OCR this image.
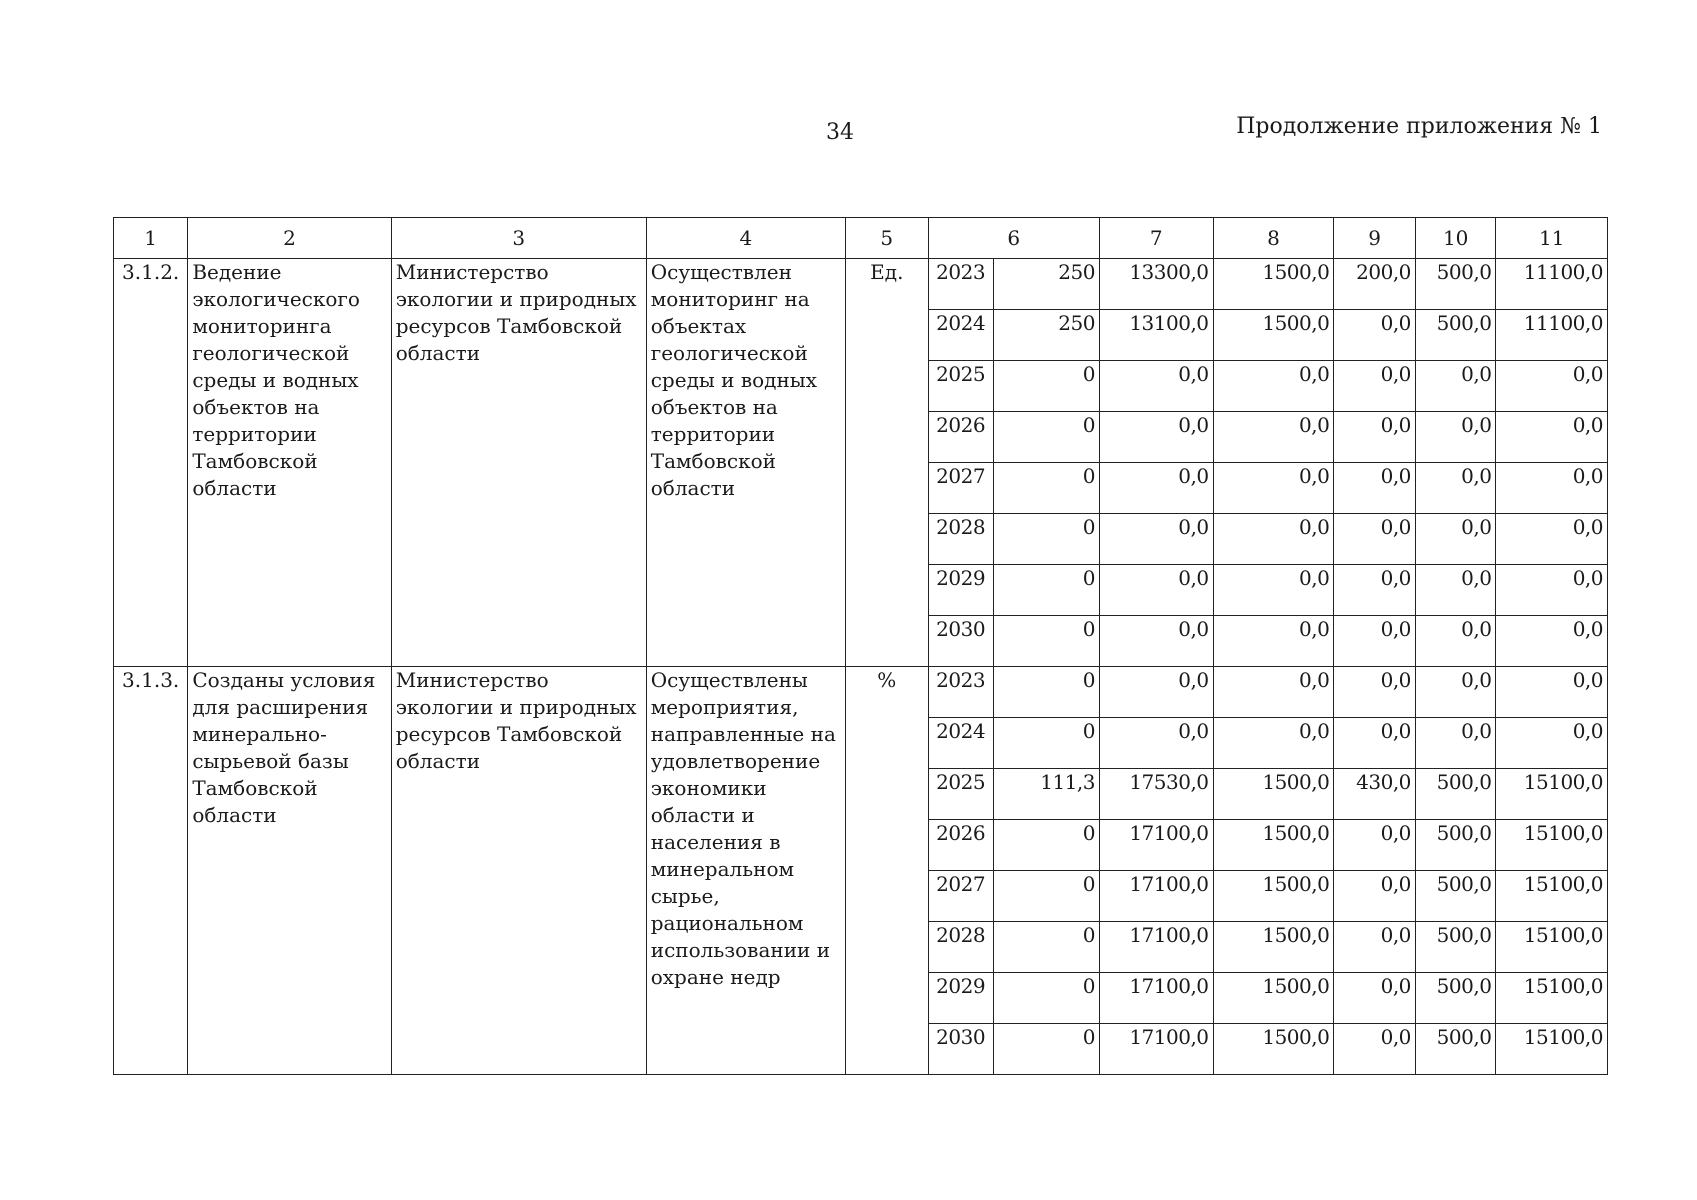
34	Продолжение приложения № 1
1	2	3	4	5	6		7	8	9	10	11
3.1.2.	Ведение экологического мониторинга геологической среды и водных объектов на территории Тамбовской области	Министерство экологии и природных ресурсов Тамбовской области	Осуществлен мониторинг на объектах геологической среды и водных объектов на территории Тамбовской области	Ед.	2023	250	13300,0	1500,0	200,0	500,0	11100,0
					2024	250	13100,0	1500,0	0,0	500,0	11100,0
					2025	0	0,0	0,0	0,0	0,0	0,0
					2026	0	0,0	0,0	0,0	0,0	0,0
					2027	0	0,0	0,0	0,0	0,0	0,0
					2028	0	0,0	0,0	0,0	0,0	0,0
					2029	0	0,0	0,0	0,0	0,0	0,0
					2030	0	0,0	0,0	0,0	0,0	0,0
3.1.3.	Созданы условия для расширения минерально-сырьевой базы Тамбовской области	Министерство экологии и природных ресурсов Тамбовской области	Осуществлены мероприятия, направленные на удовлетворение экономики области и населения в минеральном сырье, рациональном использовании и охране недр	%	2023	0	0,0	0,0	0,0	0,0	0,0
					2024	0	0,0	0,0	0,0	0,0	0,0
					2025	111,3	17530,0	1500,0	430,0	500,0	15100,0
					2026	0	17100,0	1500,0	0,0	500,0	15100,0
					2027	0	17100,0	1500,0	0,0	500,0	15100,0
					2028	0	17100,0	1500,0	0,0	500,0	15100,0
					2029	0	17100,0	1500,0	0,0	500,0	15100,0
					2030	0	17100,0	1500,0	0,0	500,0	15100,0
